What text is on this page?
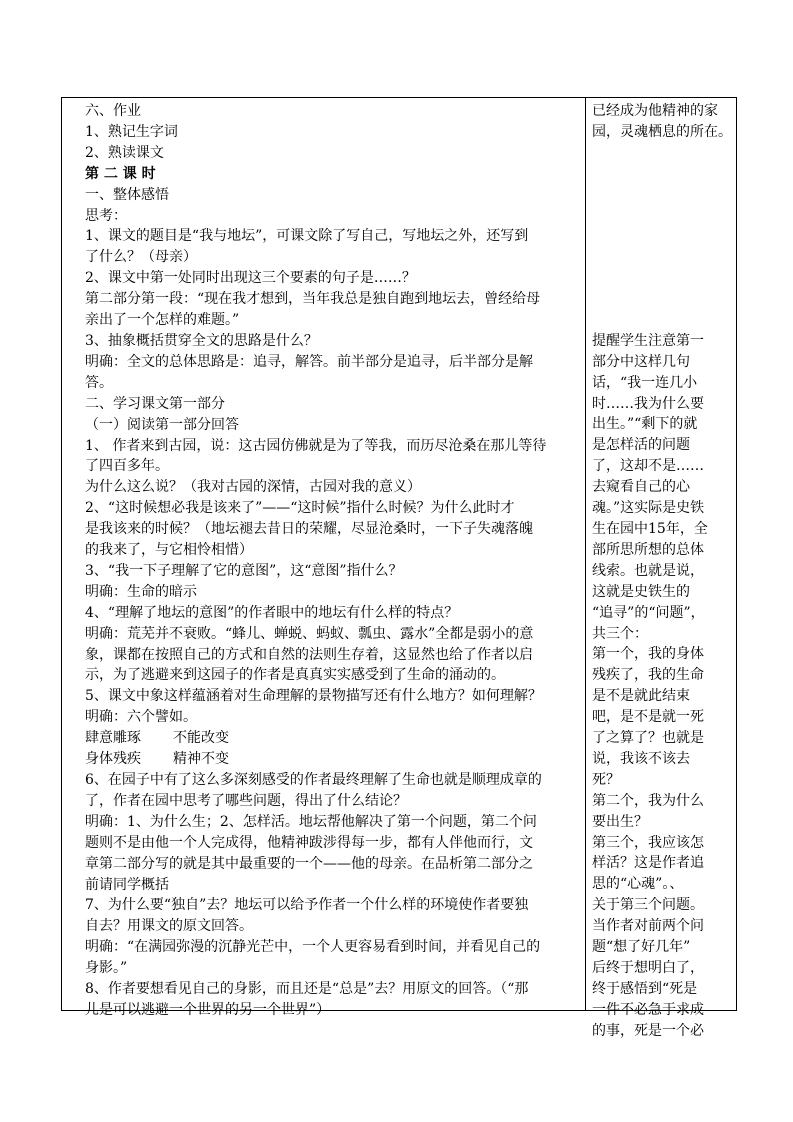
六、作业
1、熟记生字词
2、熟读课文
第 二 课 时
一、整体感悟
思考：
1、课文的题目是“我与地坛”，可课文除了写自己，写地坛之外，还写到
了什么？（母亲）
2、课文中第一处同时出现这三个要素的句子是……？
第二部分第一段：“现在我才想到，当年我总是独自跑到地坛去，曾经给母
亲出了一个怎样的难题。”
3、抽象概括贯穿全文的思路是什么？
明确：全文的总体思路是：追寻，解答。前半部分是追寻，后半部分是解
答。
二、学习课文第一部分
（一）阅读第一部分回答
1、 作者来到古园，说：这古园仿佛就是为了等我，而历尽沧桑在那儿等待
了四百多年。
为什么这么说？（我对古园的深情，古园对我的意义）
2、“这时候想必我是该来了”——“这时候”指什么时候？为什么此时才
是我该来的时候？（地坛褪去昔日的荣耀，尽显沧桑时，一下子失魂落魄
的我来了，与它相怜相惜）
3、“我一下子理解了它的意图”，这“意图”指什么？
明确：生命的暗示
4、“理解了地坛的意图”的作者眼中的地坛有什么样的特点？
明确：荒芜并不衰败。“蜂儿、蝉蜕、蚂蚁、瓢虫、露水”全都是弱小的意
象，课都在按照自己的方式和自然的法则生存着，这显然也给了作者以启
示，为了逃避来到这园子的作者是真真实实感受到了生命的涌动的。
5、课文中象这样蕴涵着对生命理解的景物描写还有什么地方？如何理解？
明确：六个譬如。
肆意雕琢 不能改变
身体残疾 精神不变
6、在园子中有了这么多深刻感受的作者最终理解了生命也就是顺理成章的
了，作者在园中思考了哪些问题，得出了什么结论？
明确：1、为什么生；2、怎样活。地坛帮他解决了第一个问题，第二个问
题则不是由他一个人完成得，他精神跋涉得每一步，都有人伴他而行，文
章第二部分写的就是其中最重要的一个——他的母亲。在品析第二部分之
前请同学概括
7、为什么要“独自”去？地坛可以给予作者一个什么样的环境使作者要独
自去？用课文的原文回答。
明确：“在满园弥漫的沉静光芒中，一个人更容易看到时间，并看见自己的
身影。”
8、作者要想看见自己的身影，而且还是“总是”去？用原文的回答。（“那
儿是可以逃避一个世界的另一个世界”）
已经成为他精神的家
园，灵魂栖息的所在。
提醒学生注意第一
部分中这样几句
话，“我一连几小
时……我为什么要
出生。”“剩下的就
是怎样活的问题
了，这却不是……
去窥看自己的心
魂。”这实际是史铁
生在园中15年，全
部所思所想的总体
线索。也就是说，
这就是史铁生的
“追寻”的“问题”，
共三个：
第一个，我的身体
残疾了，我的生命
是不是就此结束
吧，是不是就一死
了之算了？也就是
说，我该不该去
死？
第二个，我为什么
要出生？
第三个，我应该怎
样活？这是作者追
思的“心魂”。、
关于第三个问题。
当作者对前两个问
题“想了好几年”
后终于想明白了，
终于感悟到“死是
一件不必急于求成
的事，死是一个必
